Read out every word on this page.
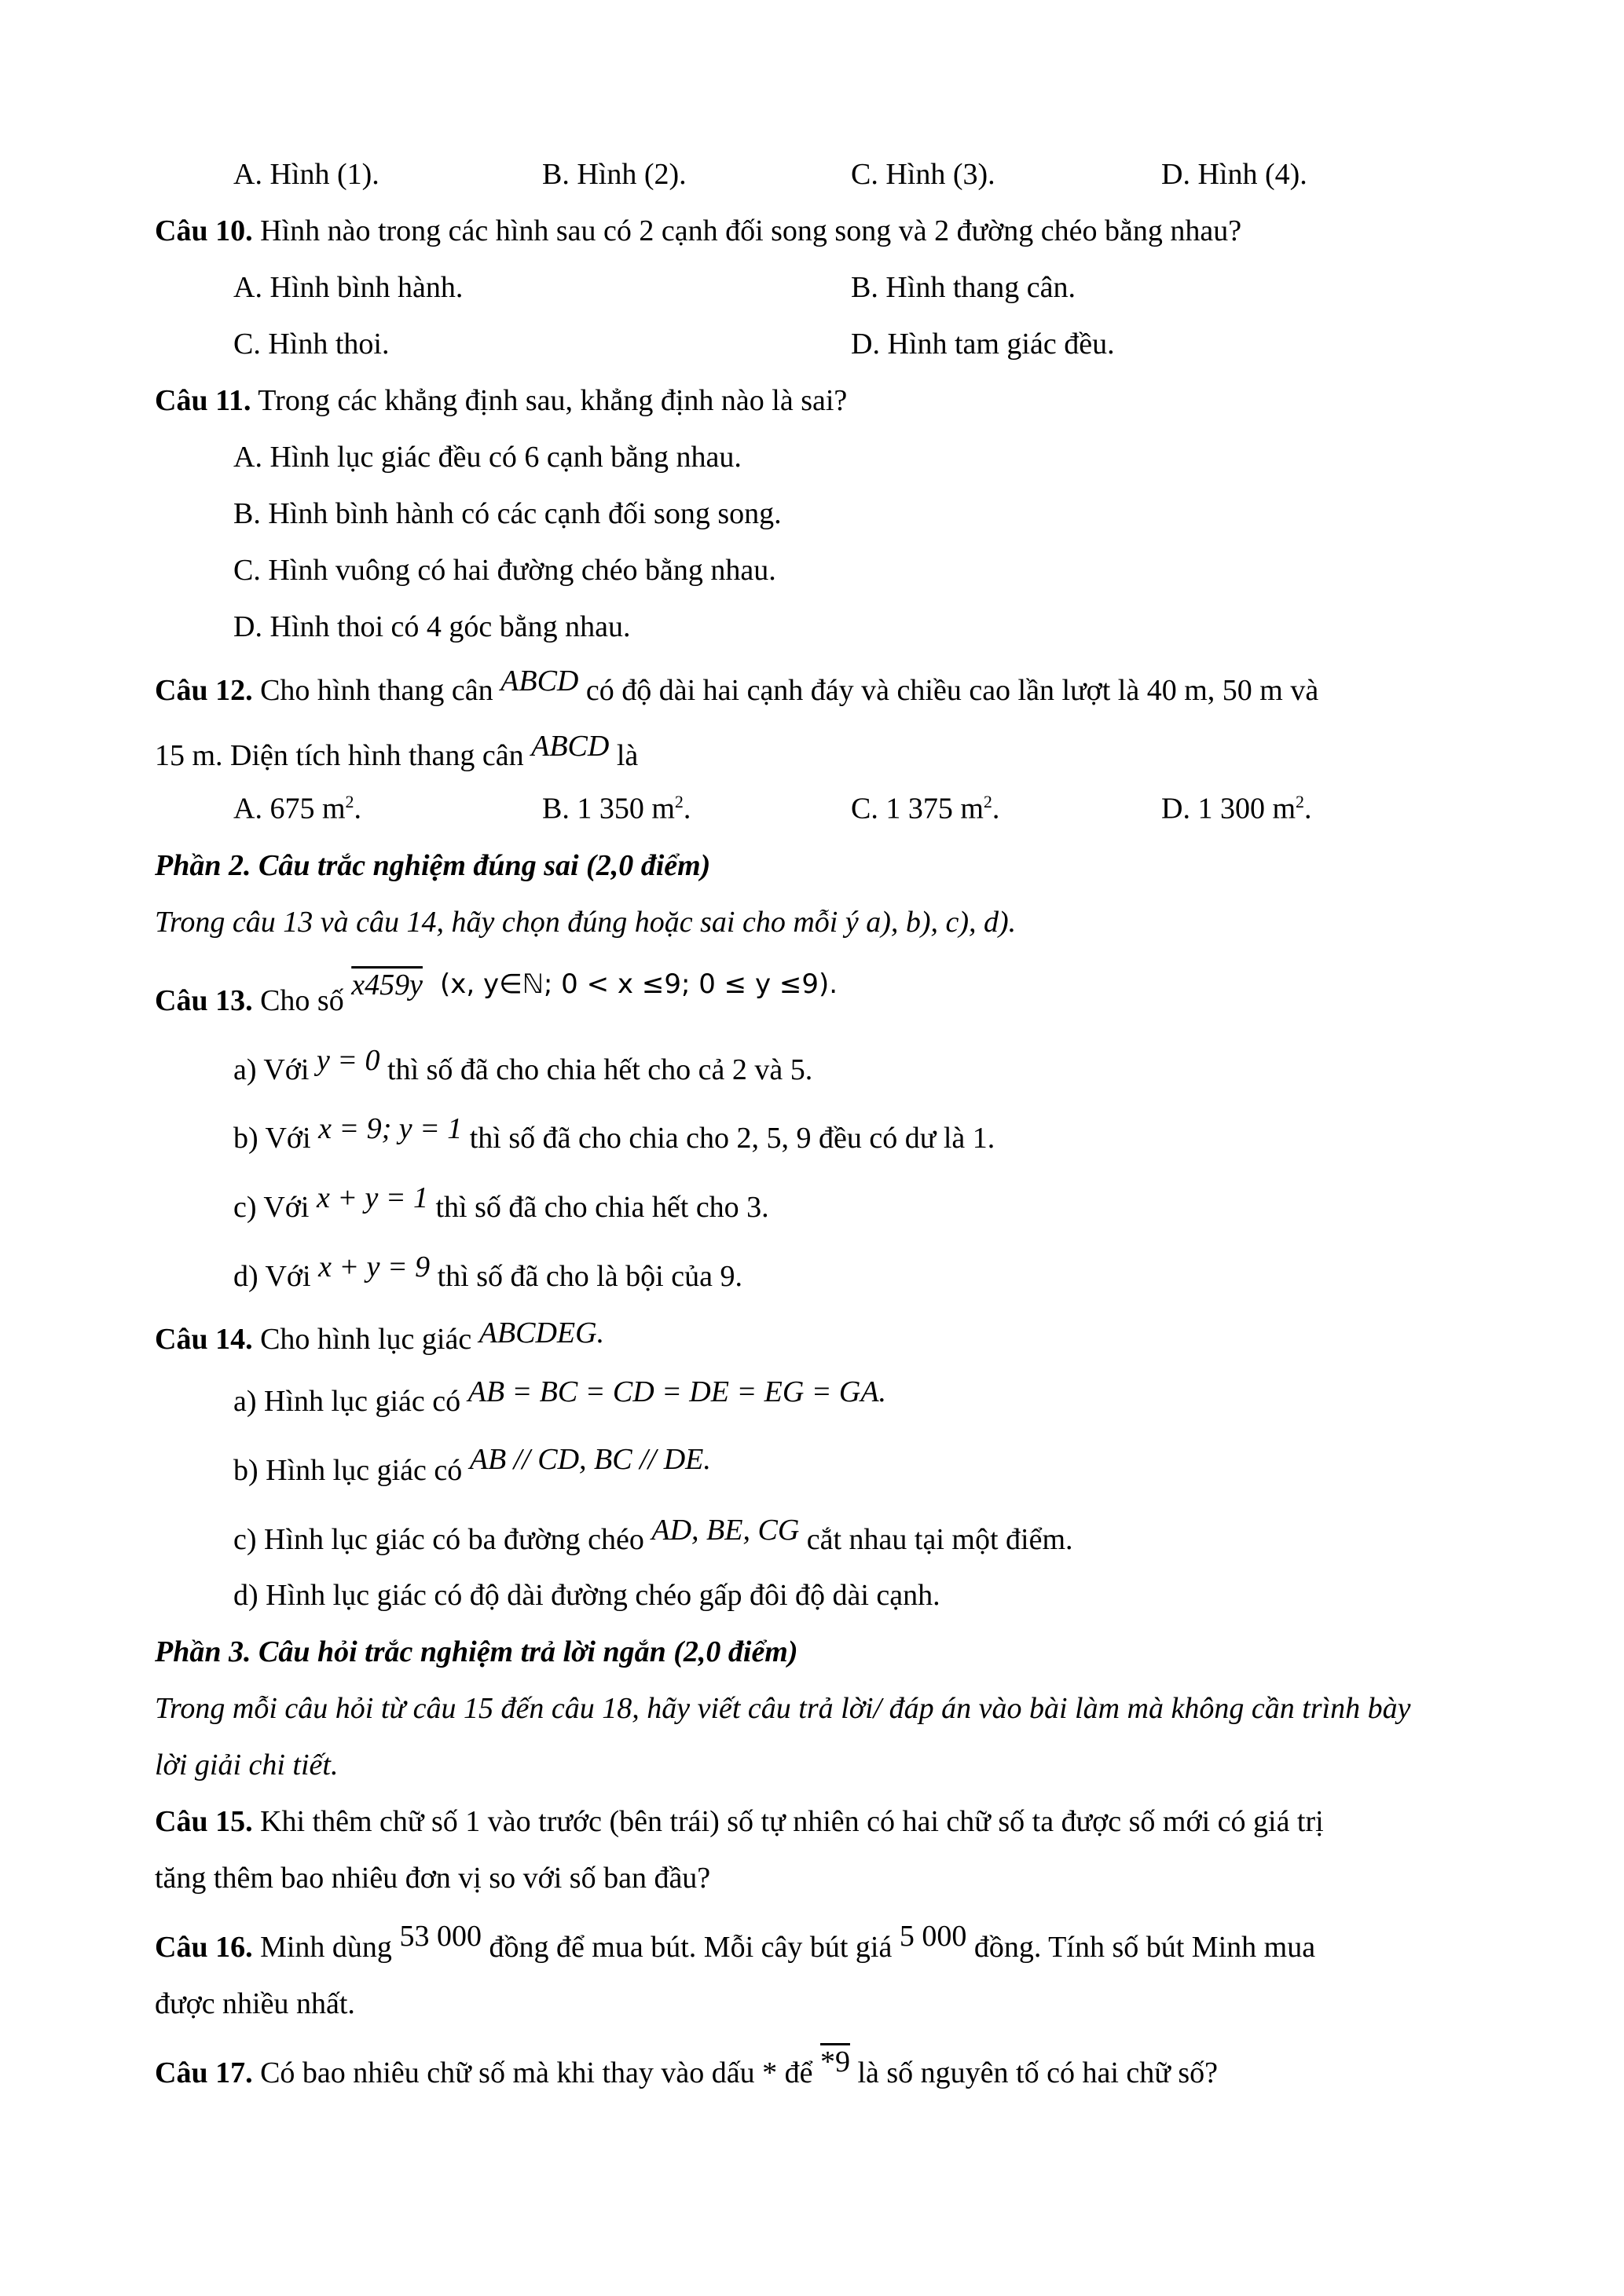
A. Hình (1).	B. Hình (2).	C. Hình (3).	D. Hình (4).
Câu 10. Hình nào trong các hình sau có 2 cạnh đối song song và 2 đường chéo bằng nhau?
A. Hình bình hành.	B. Hình thang cân.
C. Hình thoi.	D. Hình tam giác đều.
Câu 11. Trong các khẳng định sau, khẳng định nào là sai?
A. Hình lục giác đều có 6 cạnh bằng nhau.
B. Hình bình hành có các cạnh đối song song.
C. Hình vuông có hai đường chéo bằng nhau.
D. Hình thoi có 4 góc bằng nhau.
Câu 12. Cho hình thang cân ABCD có độ dài hai cạnh đáy và chiều cao lần lượt là 40 m, 50 m và
15 m. Diện tích hình thang cân ABCD là
A. 675 $m^2$.	B. 1 350 $m^2$.	C. 1 375 $m^2$.	D. 1 300 $m^2$.
Phần 2. Câu trắc nghiệm đúng sai (2,0 điểm)
Trong câu 13 và câu 14, hãy chọn đúng hoặc sai cho mỗi ý a), b), c), d).
Câu 13. Cho số x459y (x, y∈ℕ; 0 < x ≤9; 0 ≤ y ≤9).
a) Với y = 0 thì số đã cho chia hết cho cả 2 và 5.
b) Với x = 9; y = 1 thì số đã cho chia cho 2, 5, 9 đều có dư là 1.
c) Với x + y = 1 thì số đã cho chia hết cho 3.
d) Với x + y = 9 thì số đã cho là bội của 9.
Câu 14. Cho hình lục giác ABCDEG.
a) Hình lục giác có AB = BC = CD = DE = EG = GA.
b) Hình lục giác có AB // CD, BC // DE.
c) Hình lục giác có ba đường chéo AD, BE, CG cắt nhau tại một điểm.
d) Hình lục giác có độ dài đường chéo gấp đôi độ dài cạnh.
Phần 3. Câu hỏi trắc nghiệm trả lời ngắn (2,0 điểm)
Trong mỗi câu hỏi từ câu 15 đến câu 18, hãy viết câu trả lời/ đáp án vào bài làm mà không cần trình bày
lời giải chi tiết.
Câu 15. Khi thêm chữ số 1 vào trước (bên trái) số tự nhiên có hai chữ số ta được số mới có giá trị
tăng thêm bao nhiêu đơn vị so với số ban đầu?
Câu 16. Minh dùng 53 000 đồng để mua bút. Mỗi cây bút giá 5 000 đồng. Tính số bút Minh mua
được nhiều nhất.
Câu 17. Có bao nhiêu chữ số mà khi thay vào dấu * để *9 là số nguyên tố có hai chữ số?
